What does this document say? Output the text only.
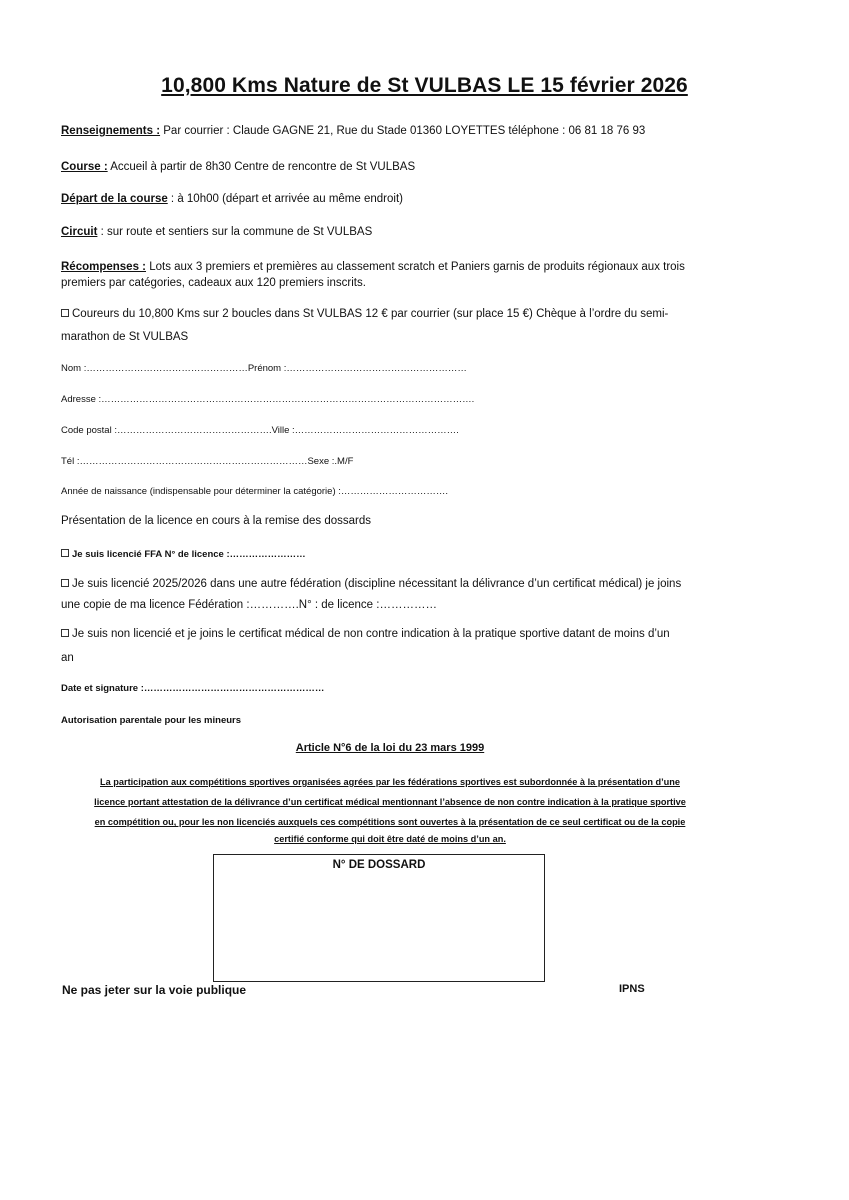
10,800 Kms Nature de St VULBAS LE 15 février 2026
Renseignements : Par courrier : Claude GAGNE 21, Rue du Stade 01360 LOYETTES téléphone : 06 81 18 76 93
Course : Accueil à partir de 8h30 Centre de rencontre de St VULBAS
Départ de la course : à 10h00 (départ et arrivée au même endroit)
Circuit : sur route et sentiers sur la commune de St VULBAS
Récompenses : Lots aux 3 premiers et premières au classement scratch et Paniers garnis de produits régionaux aux trois
premiers par catégories, cadeaux aux 120 premiers inscrits.
Coureurs du 10,800 Kms sur 2 boucles dans St VULBAS 12 € par courrier (sur place 15 €) Chèque à l’ordre du semi-
marathon de St VULBAS
Nom :……………………………………………Prénom :…………………………………………………
Adresse :……………………………………………………………………………………………………….
Code postal :………………………………………….Ville :…………………………………………….
Tél :………………………………………………………………Sexe :.M/F
Année de naissance (indispensable pour déterminer la catégorie) :…………………………….
Présentation de la licence en cours à la remise des dossards
Je suis licencié FFA N° de licence :……………………
Je suis licencié 2025/2026 dans une autre fédération (discipline nécessitant la délivrance d’un certificat médical) je joins
une copie de ma licence Fédération :………….N° : de licence :……………
Je suis non licencié et je joins le certificat médical de non contre indication à la pratique sportive datant de moins d’un
an
Date et signature :…………………………………………………
Autorisation parentale pour les mineurs
Article N°6 de la loi du 23 mars 1999
La participation aux compétitions sportives organisées agrées par les fédérations sportives est subordonnée à la présentation d’une
licence portant attestation de la délivrance d’un certificat médical mentionnant l’absence de non contre indication à la pratique sportive
en compétition ou, pour les non licenciés auxquels ces compétitions sont ouvertes à la présentation de ce seul certificat ou de la copie
certifié conforme qui doit être daté de moins d’un an.
N° DE DOSSARD
Ne pas jeter sur la voie publique	IPNS
